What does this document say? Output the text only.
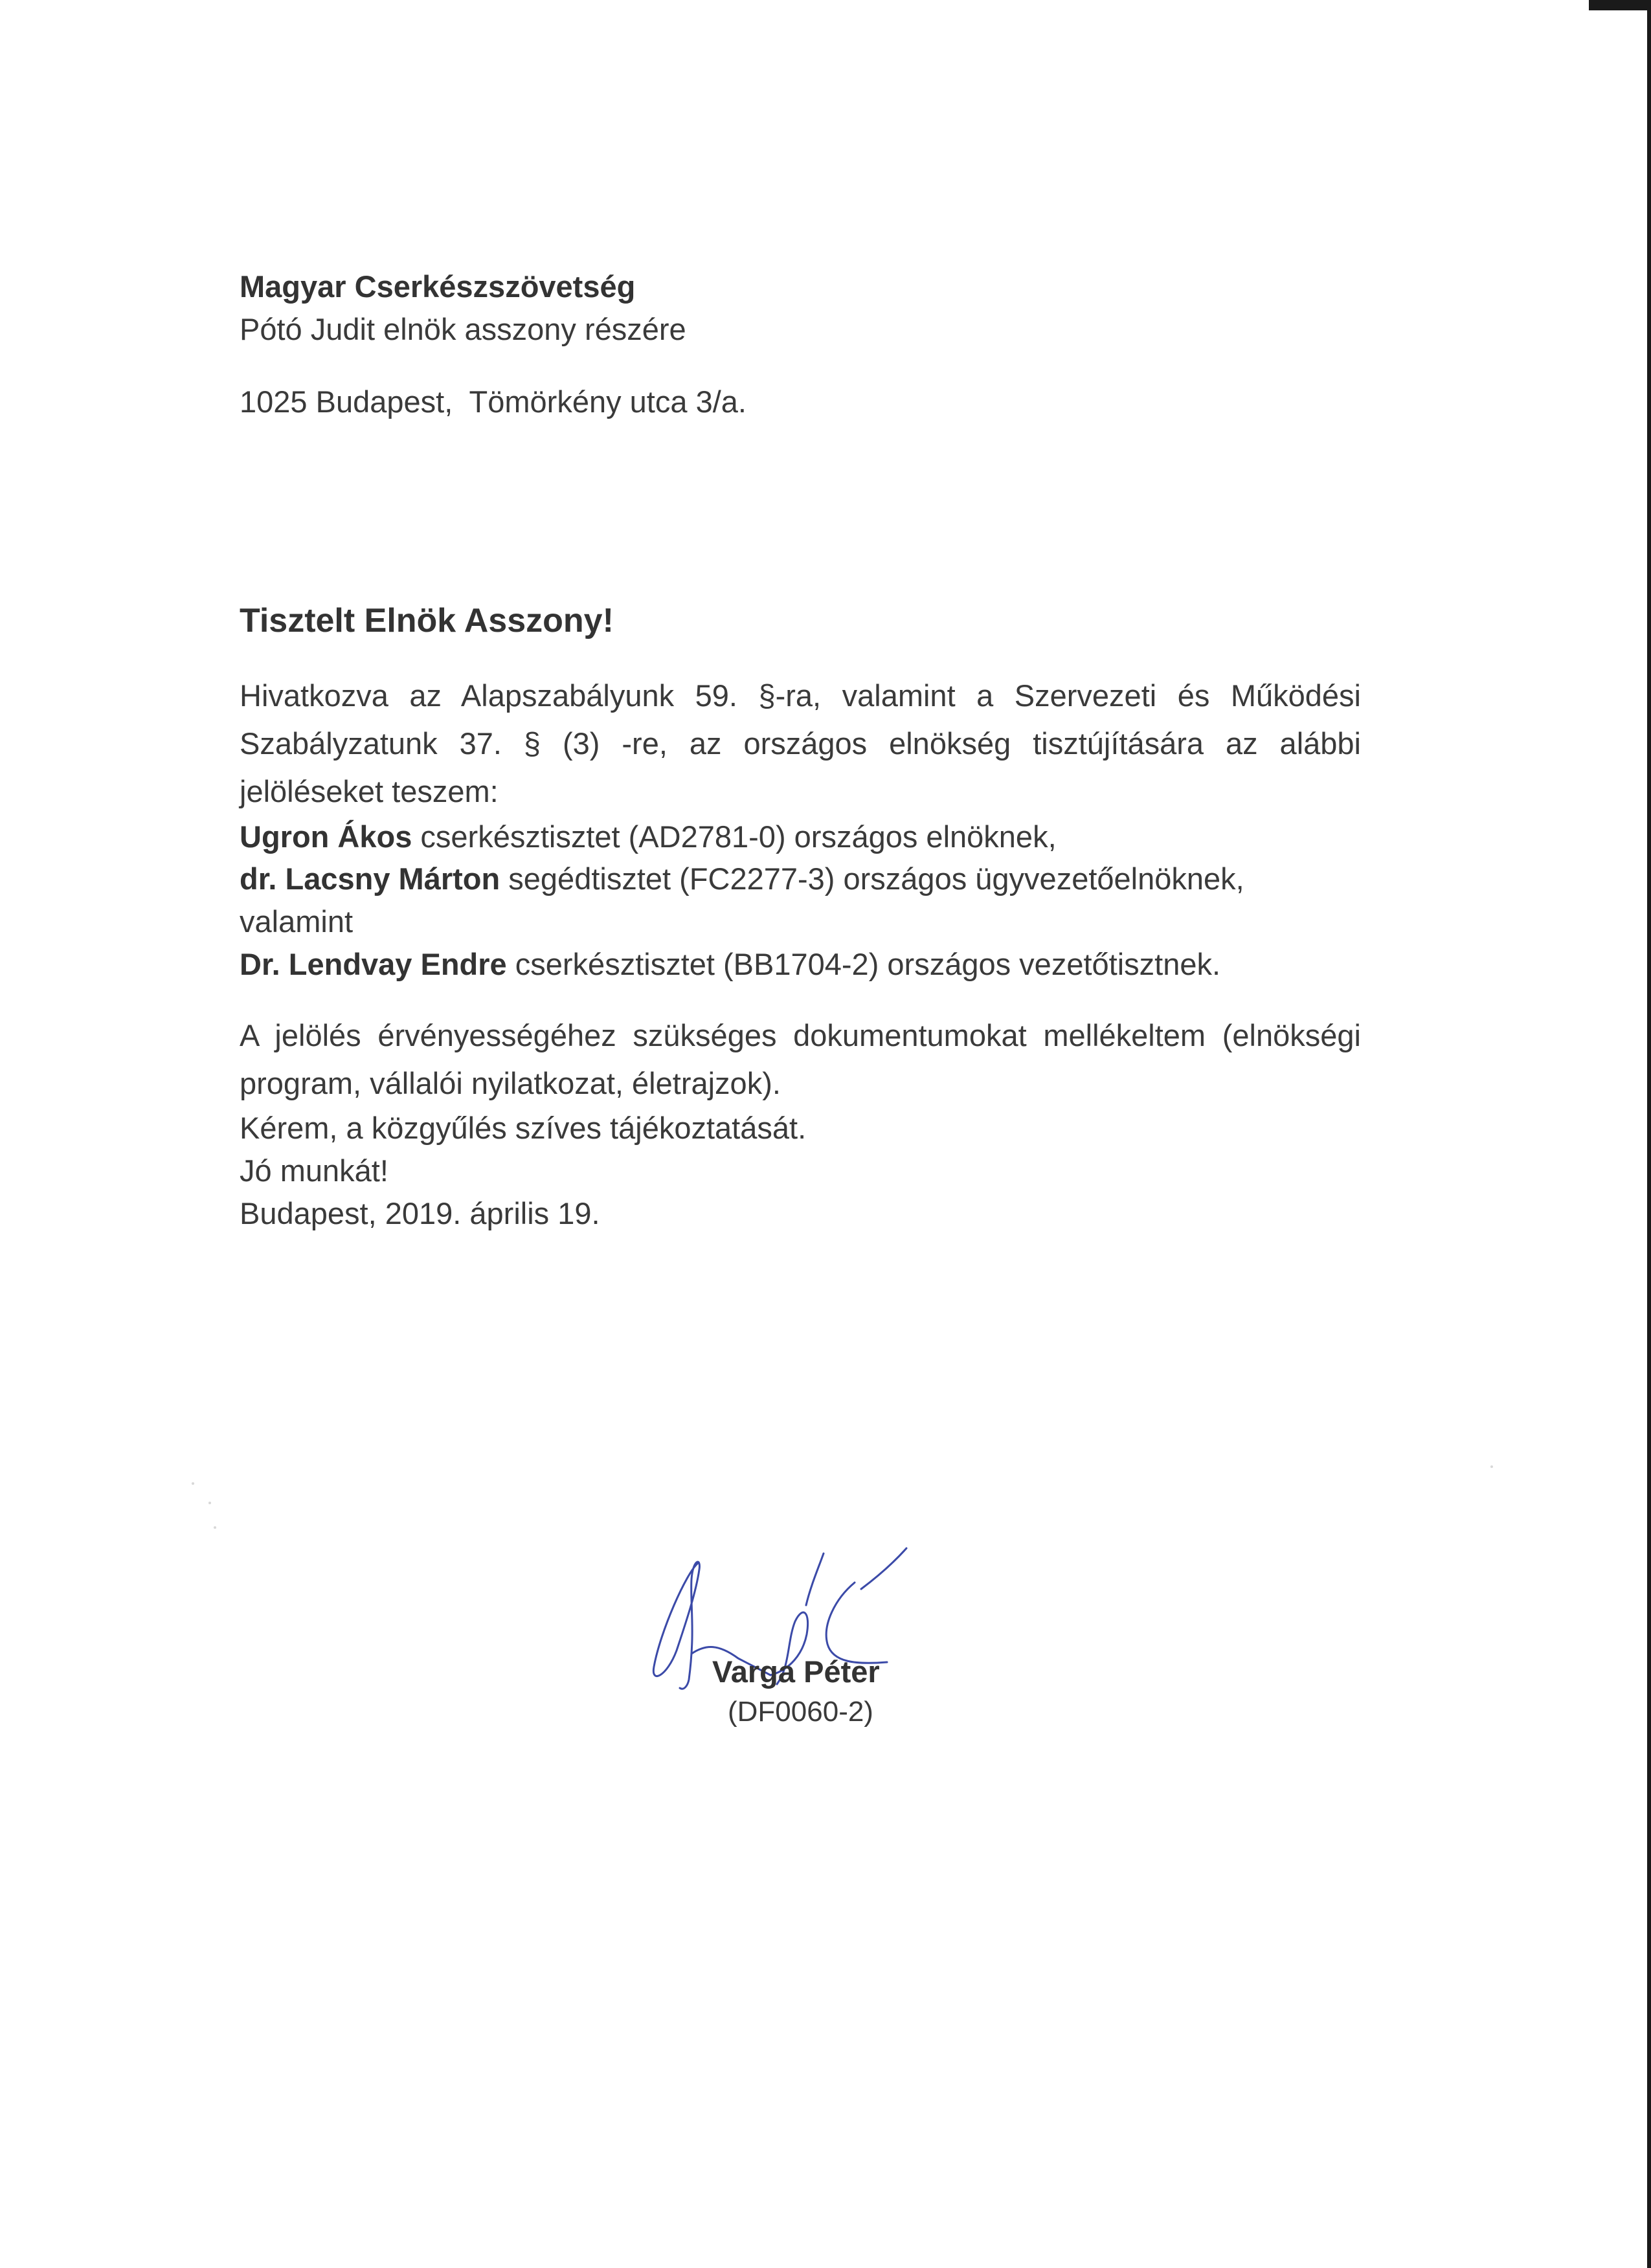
Magyar Cserkészszövetség

Pótó Judit elnök asszony részére

1025 Budapest,  Tömörkény utca 3/a.

Tisztelt Elnök Asszony!

Hivatkozva az Alapszabályunk 59. §-ra, valamint a Szervezeti és Működési Szabályzatunk 37. § (3) -re, az országos elnökség tisztújítására az alábbi jelöléseket teszem:

Ugron Ákos cserkésztisztet (AD2781-0) országos elnöknek,

dr. Lacsny Márton segédtisztet (FC2277-3) országos ügyvezetőelnöknek,

valamint

Dr. Lendvay Endre cserkésztisztet (BB1704-2) országos vezetőtisztnek.

A jelölés érvényességéhez szükséges dokumentumokat mellékeltem (elnökségi program, vállalói nyilatkozat, életrajzok).

Kérem, a közgyűlés szíves tájékoztatását.

Jó munkát!

Budapest, 2019. április 19.

Varga Péter

(DF0060-2)
